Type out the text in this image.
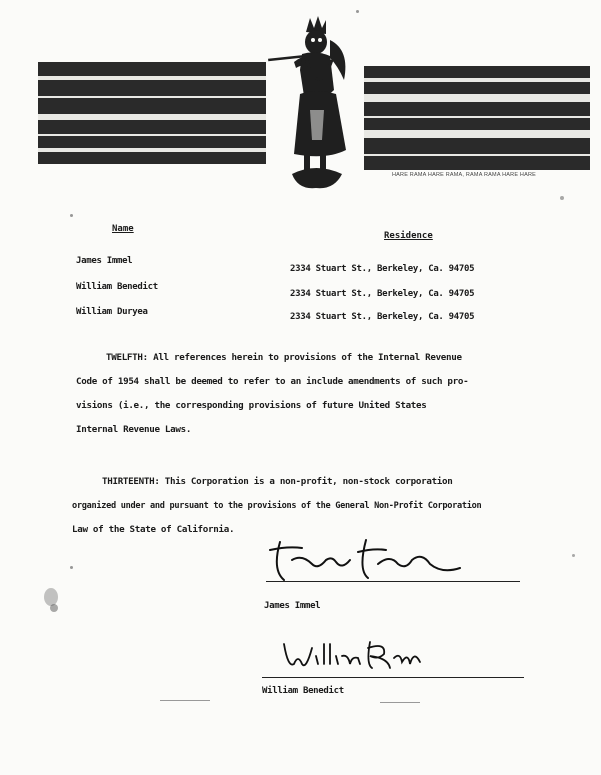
HARE RAMA HARE RAMA, RAMA RAMA HARE HARE
Name
Residence
James Immel
2334 Stuart St., Berkeley, Ca. 94705
William Benedict
2334 Stuart St., Berkeley, Ca. 94705
William Duryea	2334 Stuart St., Berkeley, Ca. 94705
TWELFTH: All references herein to provisions of the Internal Revenue
Code of 1954 shall be deemed to refer to an include amendments of such pro-
visions (i.e., the corresponding provisions of future United States
Internal Revenue Laws.
THIRTEENTH: This Corporation is a non-profit, non-stock corporation
organized under and pursuant to the provisions of the General Non-Profit Corporation
Law of the State of California.
James Immel
William Benedict
